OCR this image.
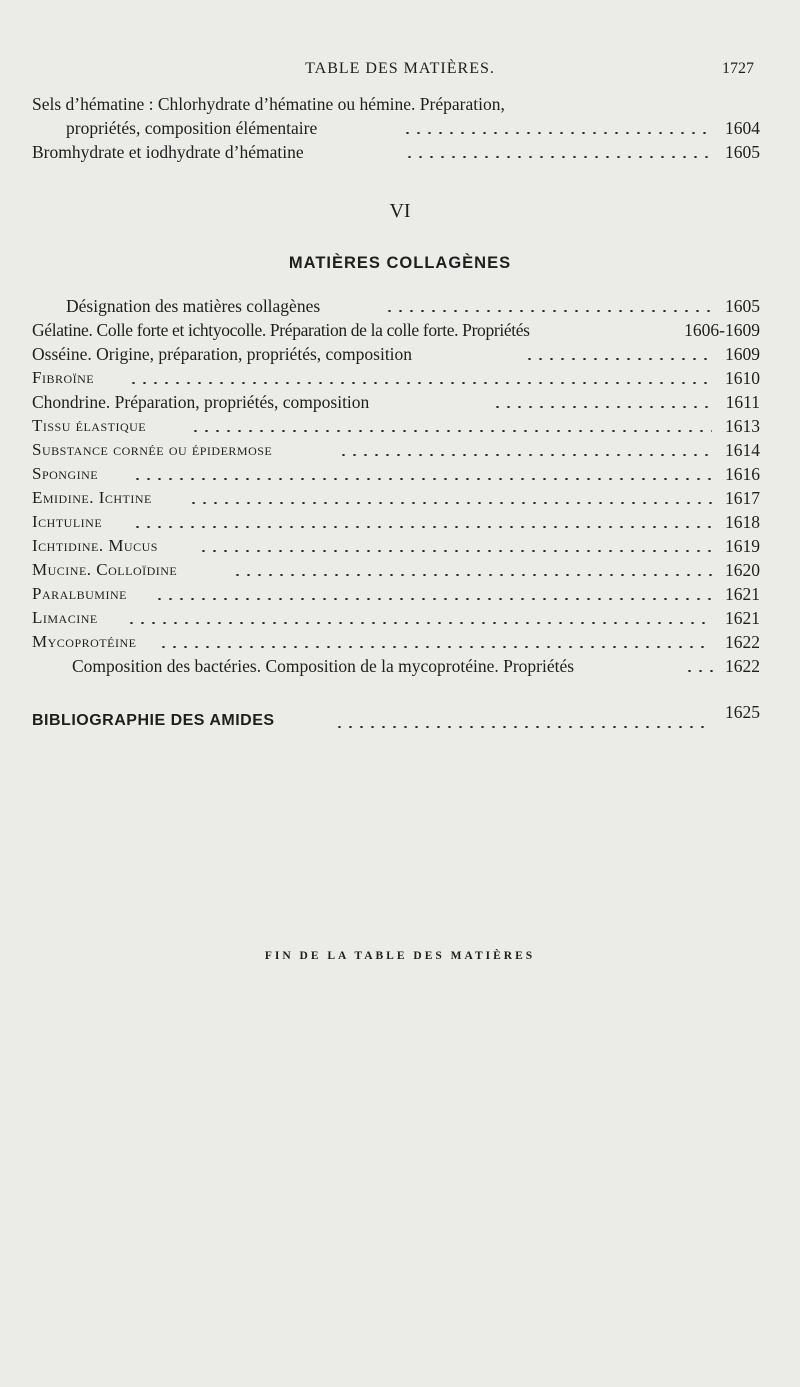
TABLE DES MATIÈRES.	1727
Sels d’hématine : Chlorhydrate d’hématine ou hémine. Préparation,
propriétés, composition élémentaire	1604
Bromhydrate et iodhydrate d’hématine	1605
VI
MATIÈRES COLLAGÈNES
Désignation des matières collagènes	1605
Gélatine. Colle forte et ichtyocolle. Préparation de la colle forte. Propriétés	1606-1609
Osséine. Origine, préparation, propriétés, composition	1609
Fibroïne	1610
Chondrine. Préparation, propriétés, composition	1611
Tissu élastique	1613
Substance cornée ou épidermose	1614
Spongine	1616
Emidine. Ichtine	1617
Ichtuline	1618
Ichtidine. Mucus	1619
Mucine. Colloïdine	1620
Paralbumine	1621
Limacine	1621
Mycoprotéine	1622
Composition des bactéries. Composition de la mycoprotéine. Propriétés	1622
BIBLIOGRAPHIE DES AMIDES	1625
FIN DE LA TABLE DES MATIÈRES
